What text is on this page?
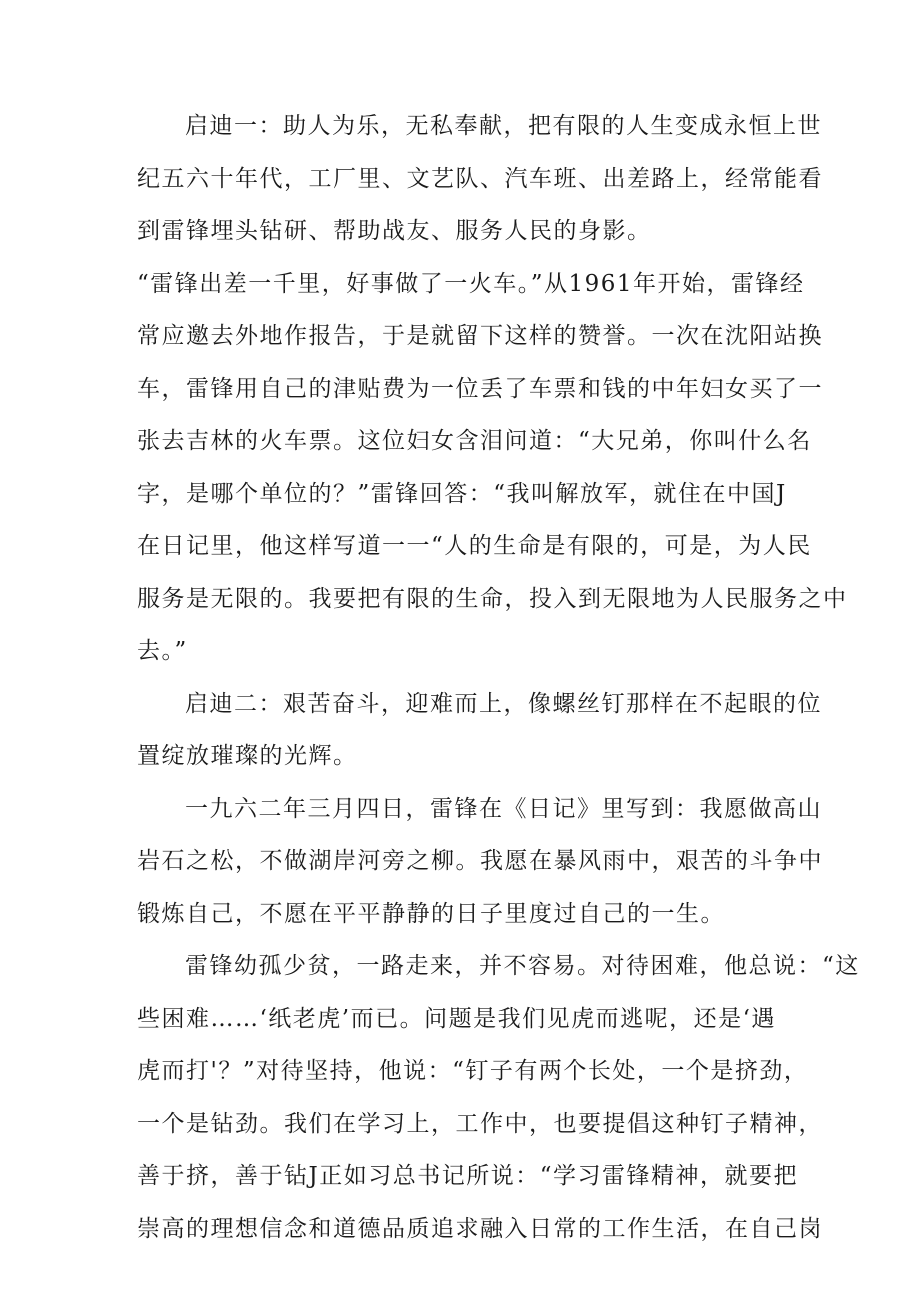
启迪一：助人为乐，无私奉献，把有限的人生变成永恒上世
纪五六十年代，工厂里、文艺队、汽车班、出差路上，经常能看
到雷锋埋头钻研、帮助战友、服务人民的身影。
“雷锋出差一千里，好事做了一火车。”从1961年开始，雷锋经
常应邀去外地作报告，于是就留下这样的赞誉。一次在沈阳站换
车，雷锋用自己的津贴费为一位丢了车票和钱的中年妇女买了一
张去吉林的火车票。这位妇女含泪问道：“大兄弟，你叫什么名
字，是哪个单位的？”雷锋回答：“我叫解放军，就住在中国J
在日记里，他这样写道一一“人的生命是有限的，可是，为人民
服务是无限的。我要把有限的生命，投入到无限地为人民服务之中
去。”
启迪二：艰苦奋斗，迎难而上，像螺丝钉那样在不起眼的位
置绽放璀璨的光辉。
一九六二年三月四日，雷锋在《日记》里写到：我愿做高山
岩石之松，不做湖岸河旁之柳。我愿在暴风雨中，艰苦的斗争中
锻炼自己，不愿在平平静静的日子里度过自己的一生。
雷锋幼孤少贫，一路走来，并不容易。对待困难，他总说：“这
些困难……‘纸老虎’而已。问题是我们见虎而逃呢，还是‘遇
虎而打'？”对待坚持，他说：“钉子有两个长处，一个是挤劲，
一个是钻劲。我们在学习上，工作中，也要提倡这种钉子精神，
善于挤，善于钻J正如习总书记所说：“学习雷锋精神，就要把
崇高的理想信念和道德品质追求融入日常的工作生活，在自己岗
